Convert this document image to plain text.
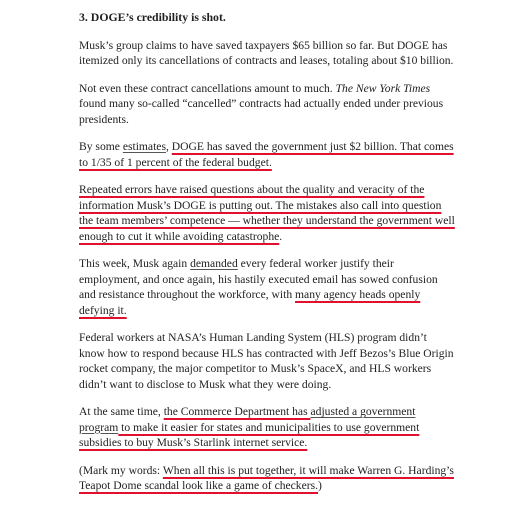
3. DOGE’s credibility is shot.

Musk’s group claims to have saved taxpayers $65 billion so far. But DOGE has itemized only its cancellations of contracts and leases, totaling about $10 billion.

Not even these contract cancellations amount to much. The New York Times found many so-called “cancelled” contracts had actually ended under previous presidents.

By some estimates, DOGE has saved the government just $2 billion. That comes to 1/35 of 1 percent of the federal budget.

Repeated errors have raised questions about the quality and veracity of the information Musk’s DOGE is putting out. The mistakes also call into question the team members’ competence — whether they understand the government well enough to cut it while avoiding catastrophe.

This week, Musk again demanded every federal worker justify their employment, and once again, his hastily executed email has sowed confusion and resistance throughout the workforce, with many agency heads openly defying it.

Federal workers at NASA’s Human Landing System (HLS) program didn’t know how to respond because HLS has contracted with Jeff Bezos’s Blue Origin rocket company, the major competitor to Musk’s SpaceX, and HLS workers didn’t want to disclose to Musk what they were doing.

At the same time, the Commerce Department has adjusted a government program to make it easier for states and municipalities to use government subsidies to buy Musk’s Starlink internet service.

(Mark my words: When all this is put together, it will make Warren G. Harding’s Teapot Dome scandal look like a game of checkers.)
